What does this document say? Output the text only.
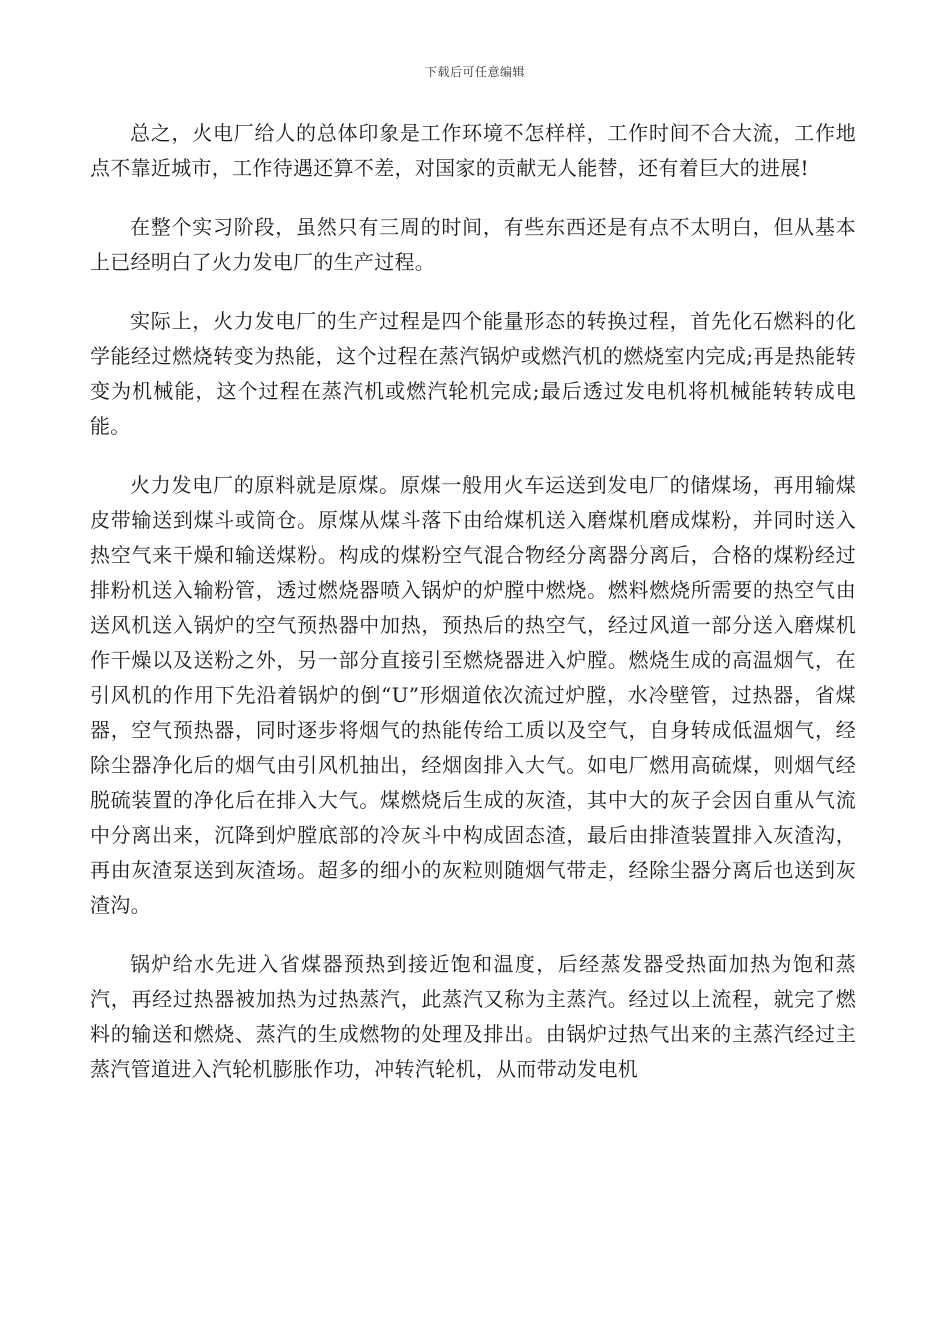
下载后可任意编辑

总之，火电厂给人的总体印象是工作环境不怎样样，工作时间不合大流，工作地点不靠近城市，工作待遇还算不差，对国家的贡献无人能替，还有着巨大的进展!

在整个实习阶段，虽然只有三周的时间，有些东西还是有点不太明白，但从基本上已经明白了火力发电厂的生产过程。

实际上，火力发电厂的生产过程是四个能量形态的转换过程，首先化石燃料的化学能经过燃烧转变为热能，这个过程在蒸汽锅炉或燃汽机的燃烧室内完成;再是热能转变为机械能，这个过程在蒸汽机或燃汽轮机完成;最后透过发电机将机械能转转成电能。

火力发电厂的原料就是原煤。原煤一般用火车运送到发电厂的储煤场，再用输煤皮带输送到煤斗或筒仓。原煤从煤斗落下由给煤机送入磨煤机磨成煤粉，并同时送入热空气来干燥和输送煤粉。构成的煤粉空气混合物经分离器分离后，合格的煤粉经过排粉机送入输粉管，透过燃烧器喷入锅炉的炉膛中燃烧。燃料燃烧所需要的热空气由送风机送入锅炉的空气预热器中加热，预热后的热空气，经过风道一部分送入磨煤机作干燥以及送粉之外，另一部分直接引至燃烧器进入炉膛。燃烧生成的高温烟气，在引风机的作用下先沿着锅炉的倒“U”形烟道依次流过炉膛，水冷壁管，过热器，省煤器，空气预热器，同时逐步将烟气的热能传给工质以及空气，自身转成低温烟气，经除尘器净化后的烟气由引风机抽出，经烟囱排入大气。如电厂燃用高硫煤，则烟气经脱硫装置的净化后在排入大气。煤燃烧后生成的灰渣，其中大的灰子会因自重从气流中分离出来，沉降到炉膛底部的冷灰斗中构成固态渣，最后由排渣装置排入灰渣沟，再由灰渣泵送到灰渣场。超多的细小的灰粒则随烟气带走，经除尘器分离后也送到灰渣沟。

锅炉给水先进入省煤器预热到接近饱和温度，后经蒸发器受热面加热为饱和蒸汽，再经过热器被加热为过热蒸汽，此蒸汽又称为主蒸汽。经过以上流程，就完了燃料的输送和燃烧、蒸汽的生成燃物的处理及排出。由锅炉过热气出来的主蒸汽经过主蒸汽管道进入汽轮机膨胀作功，冲转汽轮机，从而带动发电机
